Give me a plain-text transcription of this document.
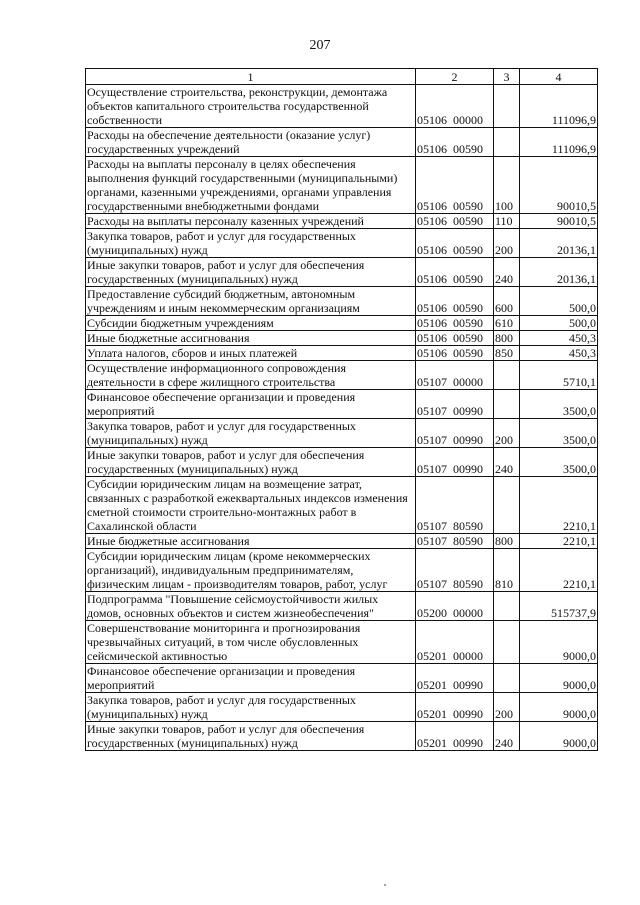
207
1	2	3	4
Осуществление строительства, реконструкции, демонтажа объектов капитального строительства государственной собственности	05106  00000		111096,9
Расходы на обеспечение деятельности (оказание услуг) государственных учреждений	05106  00590		111096,9
Расходы на выплаты персоналу в целях обеспечения выполнения функций государственными (муниципальными) органами, казенными учреждениями, органами управления государственными внебюджетными фондами	05106  00590	100	90010,5
Расходы на выплаты персоналу казенных учреждений	05106  00590	110	90010,5
Закупка товаров, работ и услуг для государственных (муниципальных) нужд	05106  00590	200	20136,1
Иные закупки товаров, работ и услуг для обеспечения государственных (муниципальных) нужд	05106  00590	240	20136,1
Предоставление субсидий бюджетным, автономным учреждениям и иным некоммерческим организациям	05106  00590	600	500,0
Субсидии бюджетным учреждениям	05106  00590	610	500,0
Иные бюджетные ассигнования	05106  00590	800	450,3
Уплата налогов, сборов и иных платежей	05106  00590	850	450,3
Осуществление информационного сопровождения деятельности в сфере жилищного строительства	05107  00000		5710,1
Финансовое обеспечение организации и проведения мероприятий	05107  00990		3500,0
Закупка товаров, работ и услуг для государственных (муниципальных) нужд	05107  00990	200	3500,0
Иные закупки товаров, работ и услуг для обеспечения государственных (муниципальных) нужд	05107  00990	240	3500,0
Субсидии юридическим лицам на возмещение затрат, связанных с разработкой ежеквартальных индексов изменения сметной стоимости строительно-монтажных работ в Сахалинской области	05107  80590		2210,1
Иные бюджетные ассигнования	05107  80590	800	2210,1
Субсидии юридическим лицам (кроме некоммерческих организаций), индивидуальным предпринимателям, физическим лицам - производителям товаров, работ, услуг	05107  80590	810	2210,1
Подпрограмма "Повышение сейсмоустойчивости жилых домов, основных объектов и систем жизнеобеспечения"	05200  00000		515737,9
Совершенствование мониторинга и прогнозирования чрезвычайных ситуаций, в том числе обусловленных сейсмической активностью	05201  00000		9000,0
Финансовое обеспечение организации и проведения мероприятий	05201  00990		9000,0
Закупка товаров, работ и услуг для государственных (муниципальных) нужд	05201  00990	200	9000,0
Иные закупки товаров, работ и услуг для обеспечения государственных (муниципальных) нужд	05201  00990	240	9000,0
